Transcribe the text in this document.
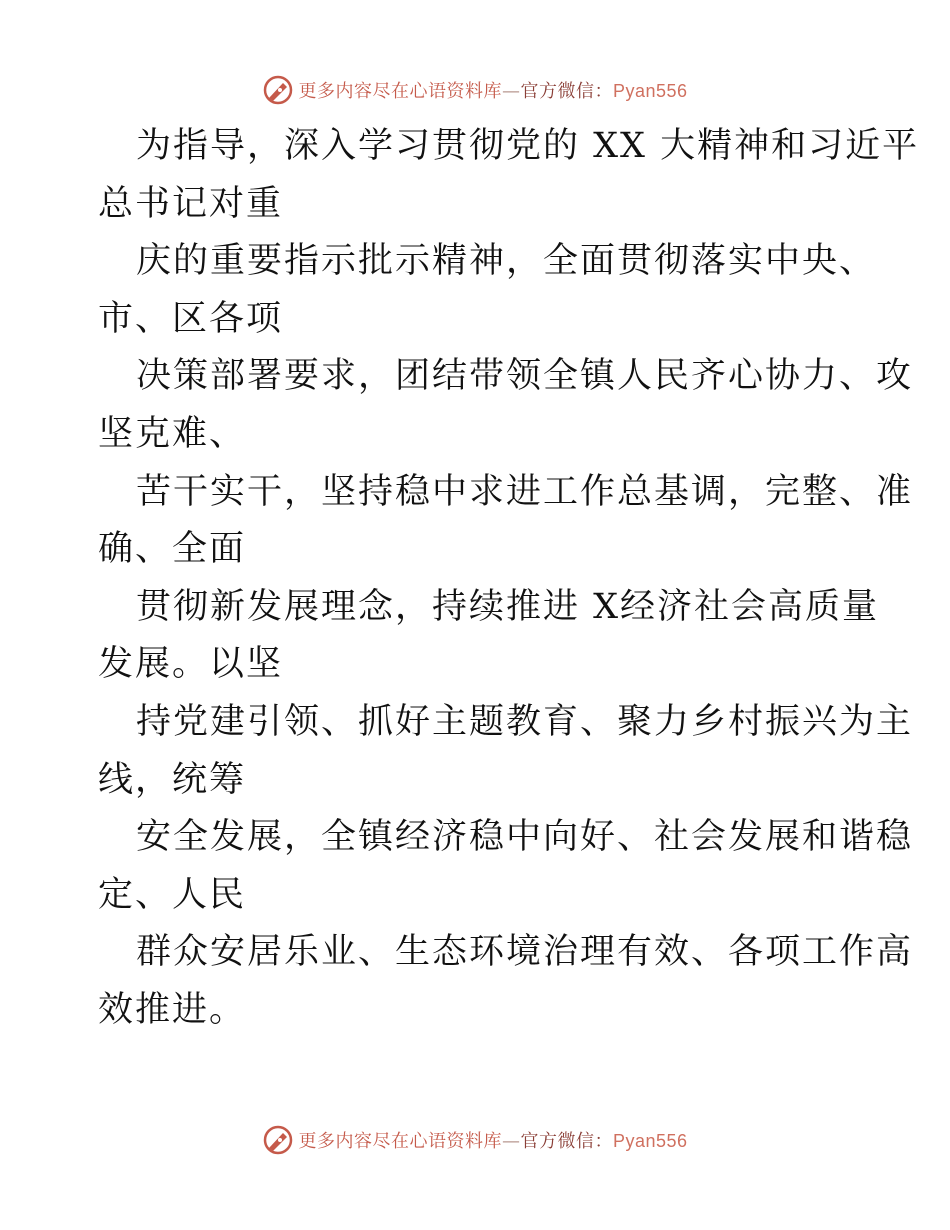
更多内容尽在心语资料库—官方微信：Pyan556
为指导，深入学习贯彻党的 XX 大精神和习近平
总书记对重
庆的重要指示批示精神，全面贯彻落实中央、
市、区各项
决策部署要求，团结带领全镇人民齐心协力、攻
坚克难、
苦干实干，坚持稳中求进工作总基调，完整、准
确、全面
贯彻新发展理念，持续推进 X经济社会高质量
发展。以坚
持党建引领、抓好主题教育、聚力乡村振兴为主
线，统筹
安全发展，全镇经济稳中向好、社会发展和谐稳
定、人民
群众安居乐业、生态环境治理有效、各项工作高
效推进。
更多内容尽在心语资料库—官方微信：Pyan556
